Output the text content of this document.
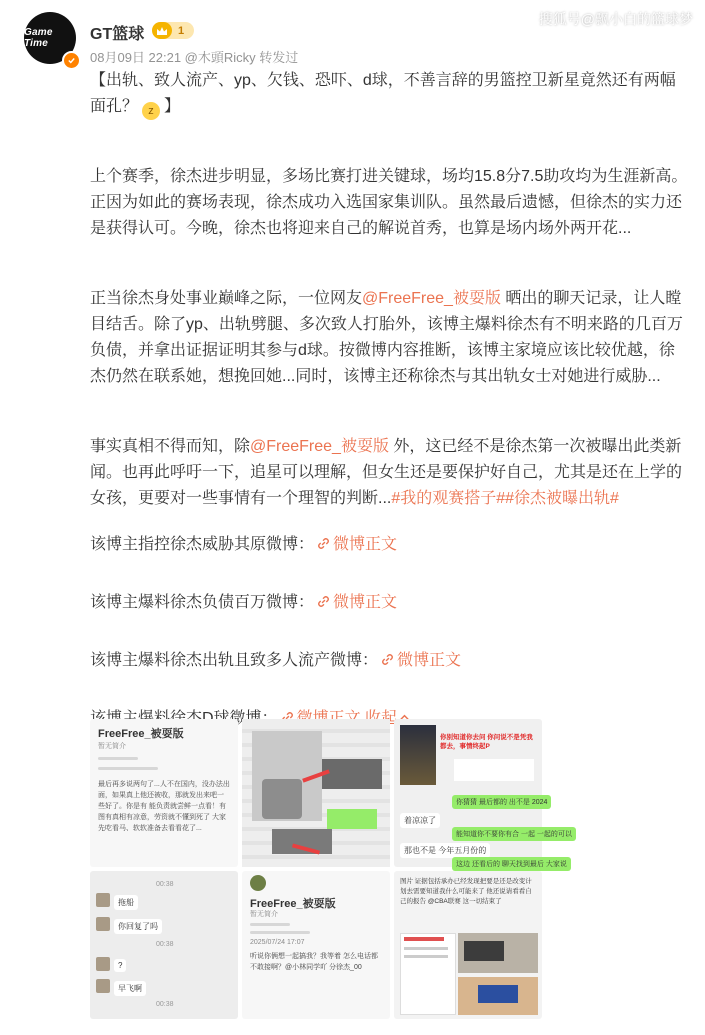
Game Time
GT篮球	1
08月09日 22:21 @木頭Ricky 转发过
搜狐号@飘小白的篮球梦

【出轨、致人流产、yp、欠钱、恐吓、d球，不善言辞的男篮控卫新星竟然还有两幅面孔？ z 】

上个赛季，徐杰进步明显，多场比赛打进关键球，场均15.8分7.5助攻均为生涯新高。正因为如此的赛场表现，徐杰成功入选国家集训队。虽然最后遗憾，但徐杰的实力还是获得认可。今晚，徐杰也将迎来自己的解说首秀，也算是场内场外两开花...

正当徐杰身处事业巅峰之际，一位网友@FreeFree_被耍版 晒出的聊天记录，让人瞠目结舌。除了yp、出轨劈腿、多次致人打胎外，该博主爆料徐杰有不明来路的几百万负债，并拿出证据证明其参与d球。按微博内容推断，该博主家境应该比较优越，徐杰仍然在联系她，想挽回她...同时，该博主还称徐杰与其出轨女士对她进行威胁...

事实真相不得而知，除@FreeFree_被耍版 外，这已经不是徐杰第一次被曝出此类新闻。也再此呼吁一下，追星可以理解，但女生还是要保护好自己，尤其是还在上学的女孩，更要对一些事情有一个理智的判断...#我的观赛搭子##徐杰被曝出轨#

该博主指控徐杰威胁其原微博： 微博正文

该博主爆料徐杰负债百万微博： 微博正文

该博主爆料徐杰出轨且致多人流产微博： 微博正文

FreeFree_被耍版
暂无简介
最后再多说两句了...人不在国内，没办法出面，如果真上他还被收，那就发出来吧一些好了。你是有 能负责就尝鲜一点看！有图有真相有凉意，劳资就不懂到死了 大家先吃看马、软软准备去看看花了...
你别知道你去问 你问说不是凭我都去，事情终起P
你猜猜 最后都的 出不是 2024
着凉凉了
能知道你不要你有合 一起 一起的可以
那也不是 今年五月份的
这边 还看后的 聊天找到最后 大家说
00:38
拖船
你回复了吗
00:38
?
早飞啊
00:38
FreeFree_被耍版
暂无简介
2025/07/24 17:07
听说你俩想一起搞我？我等着 怎么电话都不敢接啊？@小林同学吖 分徐杰_00
图片 证据包括承办已经发现把要是还是改变计划去需要知道我什么可能来了 他还说请看看自己的报告 @CBA联赛 这一切结束了
